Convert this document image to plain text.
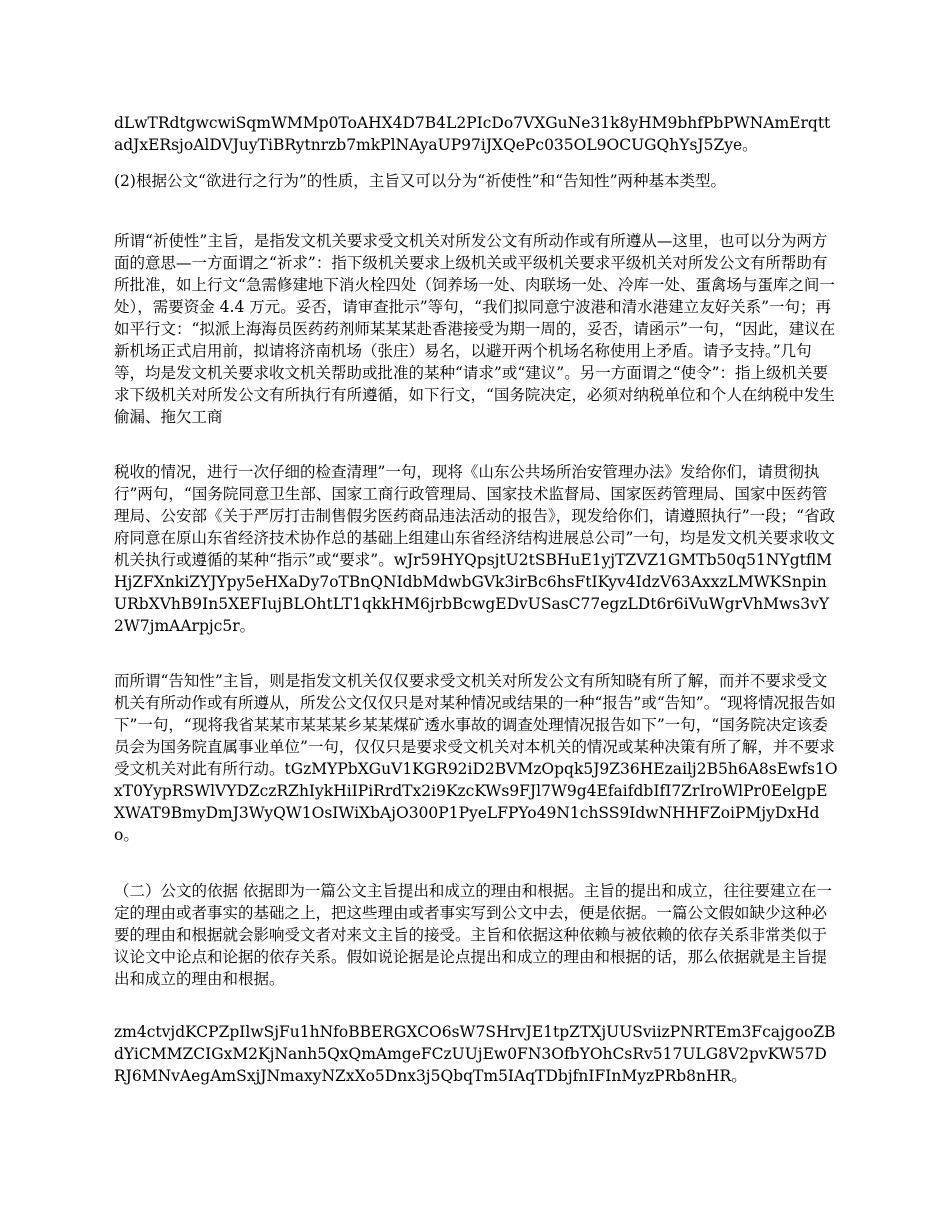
dLwTRdtgwcwiSqmWMMp0ToAHX4D7B4L2PIcDo7VXGuNe31k8yHM9bhfPbPWNAmErqttadJxERsjoAlDVJuyTiBRytnrzb7mkPlNAyaUP97iJXQePc035OL9OCUGQhYsJ5Zye。

(2)根据公文“欲进行之行为”的性质，主旨又可以分为“祈使性”和“告知性”两种基本类型。

所谓“祈使性”主旨，是指发文机关要求受文机关对所发公文有所动作或有所遵从—这里，也可以分为两方面的意思—一方面谓之“祈求”：指下级机关要求上级机关或平级机关要求平级机关对所发公文有所帮助有所批准，如上行文“急需修建地下消火栓四处（饲养场一处、肉联场一处、冷库一处、蛋禽场与蛋库之间一处），需要资金 4.4 万元。妥否，请审查批示”等句，“我们拟同意宁波港和清水港建立友好关系”一句；再如平行文：“拟派上海海员医药药剂师某某某赴香港接受为期一周的，妥否，请函示”一句，“因此，建议在新机场正式启用前，拟请将济南机场（张庄）易名，以避开两个机场名称使用上矛盾。请予支持。”几句等，均是发文机关要求收文机关帮助或批准的某种“请求”或“建议”。另一方面谓之“使令”：指上级机关要求下级机关对所发公文有所执行有所遵循，如下行文，“国务院决定，必须对纳税单位和个人在纳税中发生偷漏、拖欠工商

税收的情况，进行一次仔细的检查清理”一句，现将《山东公共场所治安管理办法》发给你们，请贯彻执行”两句，“国务院同意卫生部、国家工商行政管理局、国家技术监督局、国家医药管理局、国家中医药管理局、公安部《关于严厉打击制售假劣医药商品违法活动的报告》，现发给你们，请遵照执行”一段；“省政府同意在原山东省经济技术协作总的基础上组建山东省经济结构进展总公司”一句，均是发文机关要求收文机关执行或遵循的某种“指示”或“要求”。wJr59HYQpsjtU2tSBHuE1yjTZVZ1GMTb50q51NYgtflMHjZFXnkiZYJYpy5eHXaDy7oTBnQNIdbMdwbGVk3irBc6hsFtIKyv4IdzV63AxxzLMWKSnpinURbXVhB9In5XEFIujBLOhtLT1qkkHM6jrbBcwgEDvUSasC77egzLDt6r6iVuWgrVhMws3vY2W7jmAArpjc5r。

而所谓“告知性”主旨，则是指发文机关仅仅要求受文机关对所发公文有所知晓有所了解，而并不要求受文机关有所动作或有所遵从，所发公文仅仅只是对某种情况或结果的一种“报告”或“告知”。“现将情况报告如下”一句，“现将我省某某市某某某乡某某煤矿透水事故的调查处理情况报告如下”一句，“国务院决定该委员会为国务院直属事业单位”一句，仅仅只是要求受文机关对本机关的情况或某种决策有所了解，并不要求受文机关对此有所行动。tGzMYPbXGuV1KGR92iD2BVMzOpqk5J9Z36HEzailj2B5h6A8sEwfs1OxT0YypRSWlVYDZczRZhIykHiIPiRrdTx2i9KzcKWs9FJl7W9g4EfaifdbIfI7ZrIroWlPr0EelgpEXWAT9BmyDmJ3WyQW1OsIWiXbAjO300P1PyeLFPYo49N1chSS9IdwNHHFZoiPMjyDxHdo。

（二）公文的依据 依据即为一篇公文主旨提出和成立的理由和根据。主旨的提出和成立，往往要建立在一定的理由或者事实的基础之上，把这些理由或者事实写到公文中去，便是依据。一篇公文假如缺少这种必要的理由和根据就会影响受文者对来文主旨的接受。主旨和依据这种依赖与被依赖的依存关系非常类似于议论文中论点和论据的依存关系。假如说论据是论点提出和成立的理由和根据的话，那么依据就是主旨提出和成立的理由和根据。

zm4ctvjdKCPZpIlwSjFu1hNfoBBERGXCO6sW7SHrvJE1tpZTXjUUSviizPNRTEm3FcajgooZBdYiCMMZCIGxM2KjNanh5QxQmAmgeFCzUUjEw0FN3OfbYOhCsRv517ULG8V2pvKW57DRJ6MNvAegAmSxjJNmaxyNZxXo5Dnx3j5QbqTm5IAqTDbjfnIFInMyzPRb8nHR。
